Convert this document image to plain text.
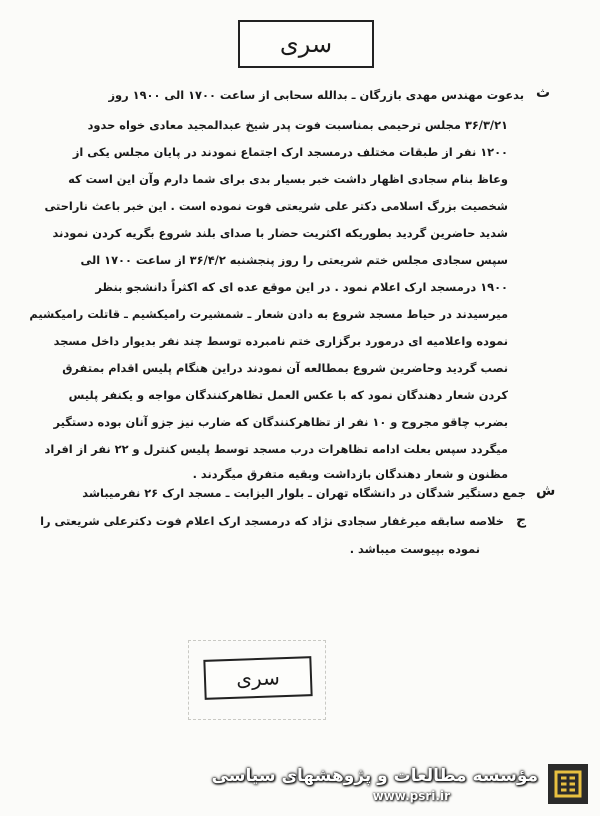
سری
ث
بدعوت مهندس مهدی بازرگان ـ بدالله سحابی از ساعت ۱۷۰۰ الی ۱۹۰۰ روز
۳۶/۳/۲۱ مجلس ترحیمی بمناسبت فوت پدر شیخ عبدالمجید معادی خواه حدود
۱۲۰۰ نفر از طبقات مختلف درمسجد ارک اجتماع نمودند در پایان مجلس یکی از
وعاظ بنام سجادی اظهار داشت خبر بسیار بدی برای شما دارم وآن این است که
شخصیت بزرگ اسلامی دکتر علی شریعتی فوت نموده است . این خبر باعث ناراحتی
شدید حاضرین گردید بطوریکه اکثریت حضار با صدای بلند شروع بگریه کردن نمودند
سپس سجادی مجلس ختم شریعتی را روز پنجشنبه ۳۶/۴/۲ از ساعت ۱۷۰۰ الی
۱۹۰۰ درمسجد ارک اعلام نمود . در این موقع عده ای که اکثراً دانشجو بنظر
میرسیدند در حیاط مسجد شروع به دادن شعار ـ شمشیرت رامیکشیم ـ قاتلت رامیکشیم
نموده واعلامیه ای درمورد برگزاری ختم نامبرده توسط چند نفر بدیوار داخل مسجد
نصب گردید وحاضرین شروع بمطالعه آن نمودند دراین هنگام پلیس اقدام بمتفرق
کردن شعار دهندگان نمود که با عکس العمل تظاهرکنندگان مواجه و یکنفر پلیس
بضرب چاقو مجروح و ۱۰ نفر از تظاهرکنندگان که ضارب نیز جزو آنان بوده دستگیر
میگردد سپس بعلت ادامه تظاهرات درب مسجد توسط پلیس کنترل و ۲۲ نفر از افراد
مظنون و شعار دهندگان بازداشت وبقیه متفرق میگردند .
ش
جمع دستگیر شدگان در دانشگاه تهران ـ بلوار الیزابت ـ مسجد ارک ۲۶ نفرمیباشد
ج
خلاصه سابقه میرغفار سجادی نژاد که درمسجد ارک اعلام فوت دکترعلی شریعتی را
نموده بپیوست میباشد .
سری
مؤسسه مطالعات و پژوهشهای سیاسی
www.psri.ir
